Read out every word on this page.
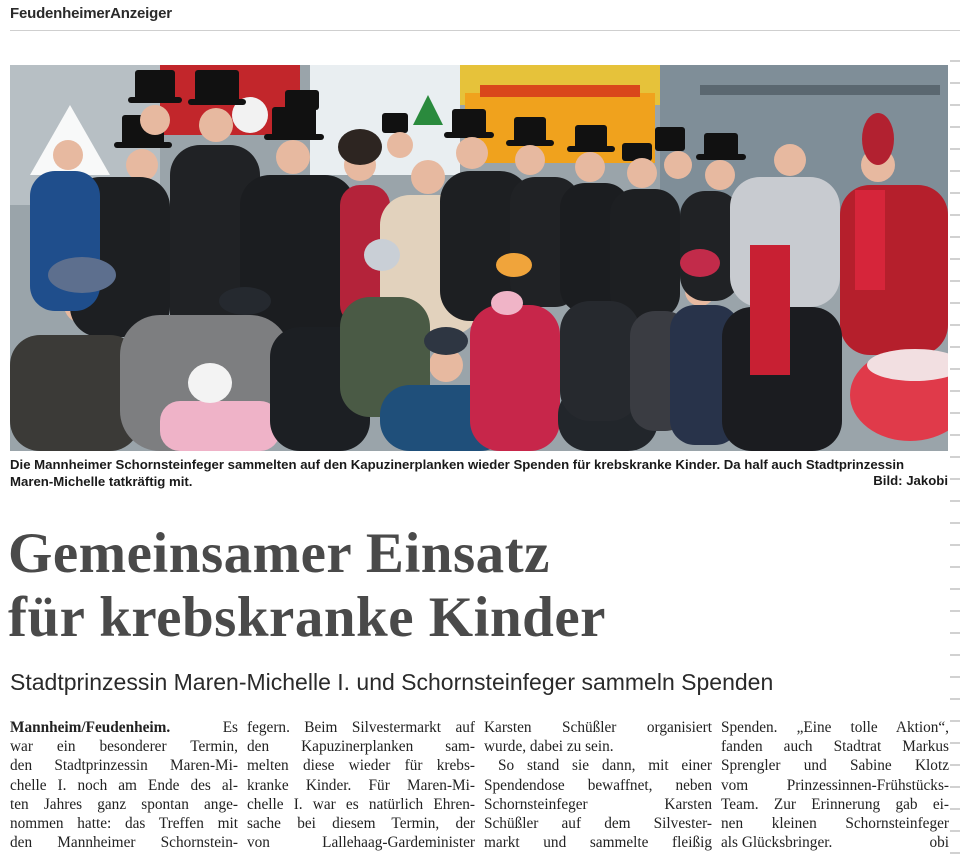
FeudenheimerAnzeiger
Die Mannheimer Schornsteinfeger sammelten auf den Kapuzinerplanken wieder Spenden für krebskranke Kinder. Da half auch Stadtprinzessin Maren-Michelle tatkräftig mit.	Bild: Jakobi
Gemeinsamer Einsatz
für krebskranke Kinder
Stadtprinzessin Maren-Michelle I. und Schornsteinfeger sammeln Spenden
Mannheim/Feudenheim. Es
war ein besonderer Termin,
den Stadtprinzessin Maren-Mi-
chelle I. noch am Ende des al-
ten Jahres ganz spontan ange-
nommen hatte: das Treffen mit
den Mannheimer Schornstein-
fegern. Beim Silvestermarkt auf
den Kapuzinerplanken sam-
melten diese wieder für krebs-
kranke Kinder. Für Maren-Mi-
chelle I. war es natürlich Ehren-
sache bei diesem Termin, der
von Lallehaag-Gardeminister
Karsten Schüßler organisiert
wurde, dabei zu sein.
So stand sie dann, mit einer
Spendendose bewaffnet, neben
Schornsteinfeger Karsten
Schüßler auf dem Silvester-
markt und sammelte fleißig
Spenden. „Eine tolle Aktion“,
fanden auch Stadtrat Markus
Sprengler und Sabine Klotz
vom Prinzessinnen-Frühstücks-
Team. Zur Erinnerung gab ei-
nen kleinen Schornsteinfeger
als Glücksbringer.	obi
